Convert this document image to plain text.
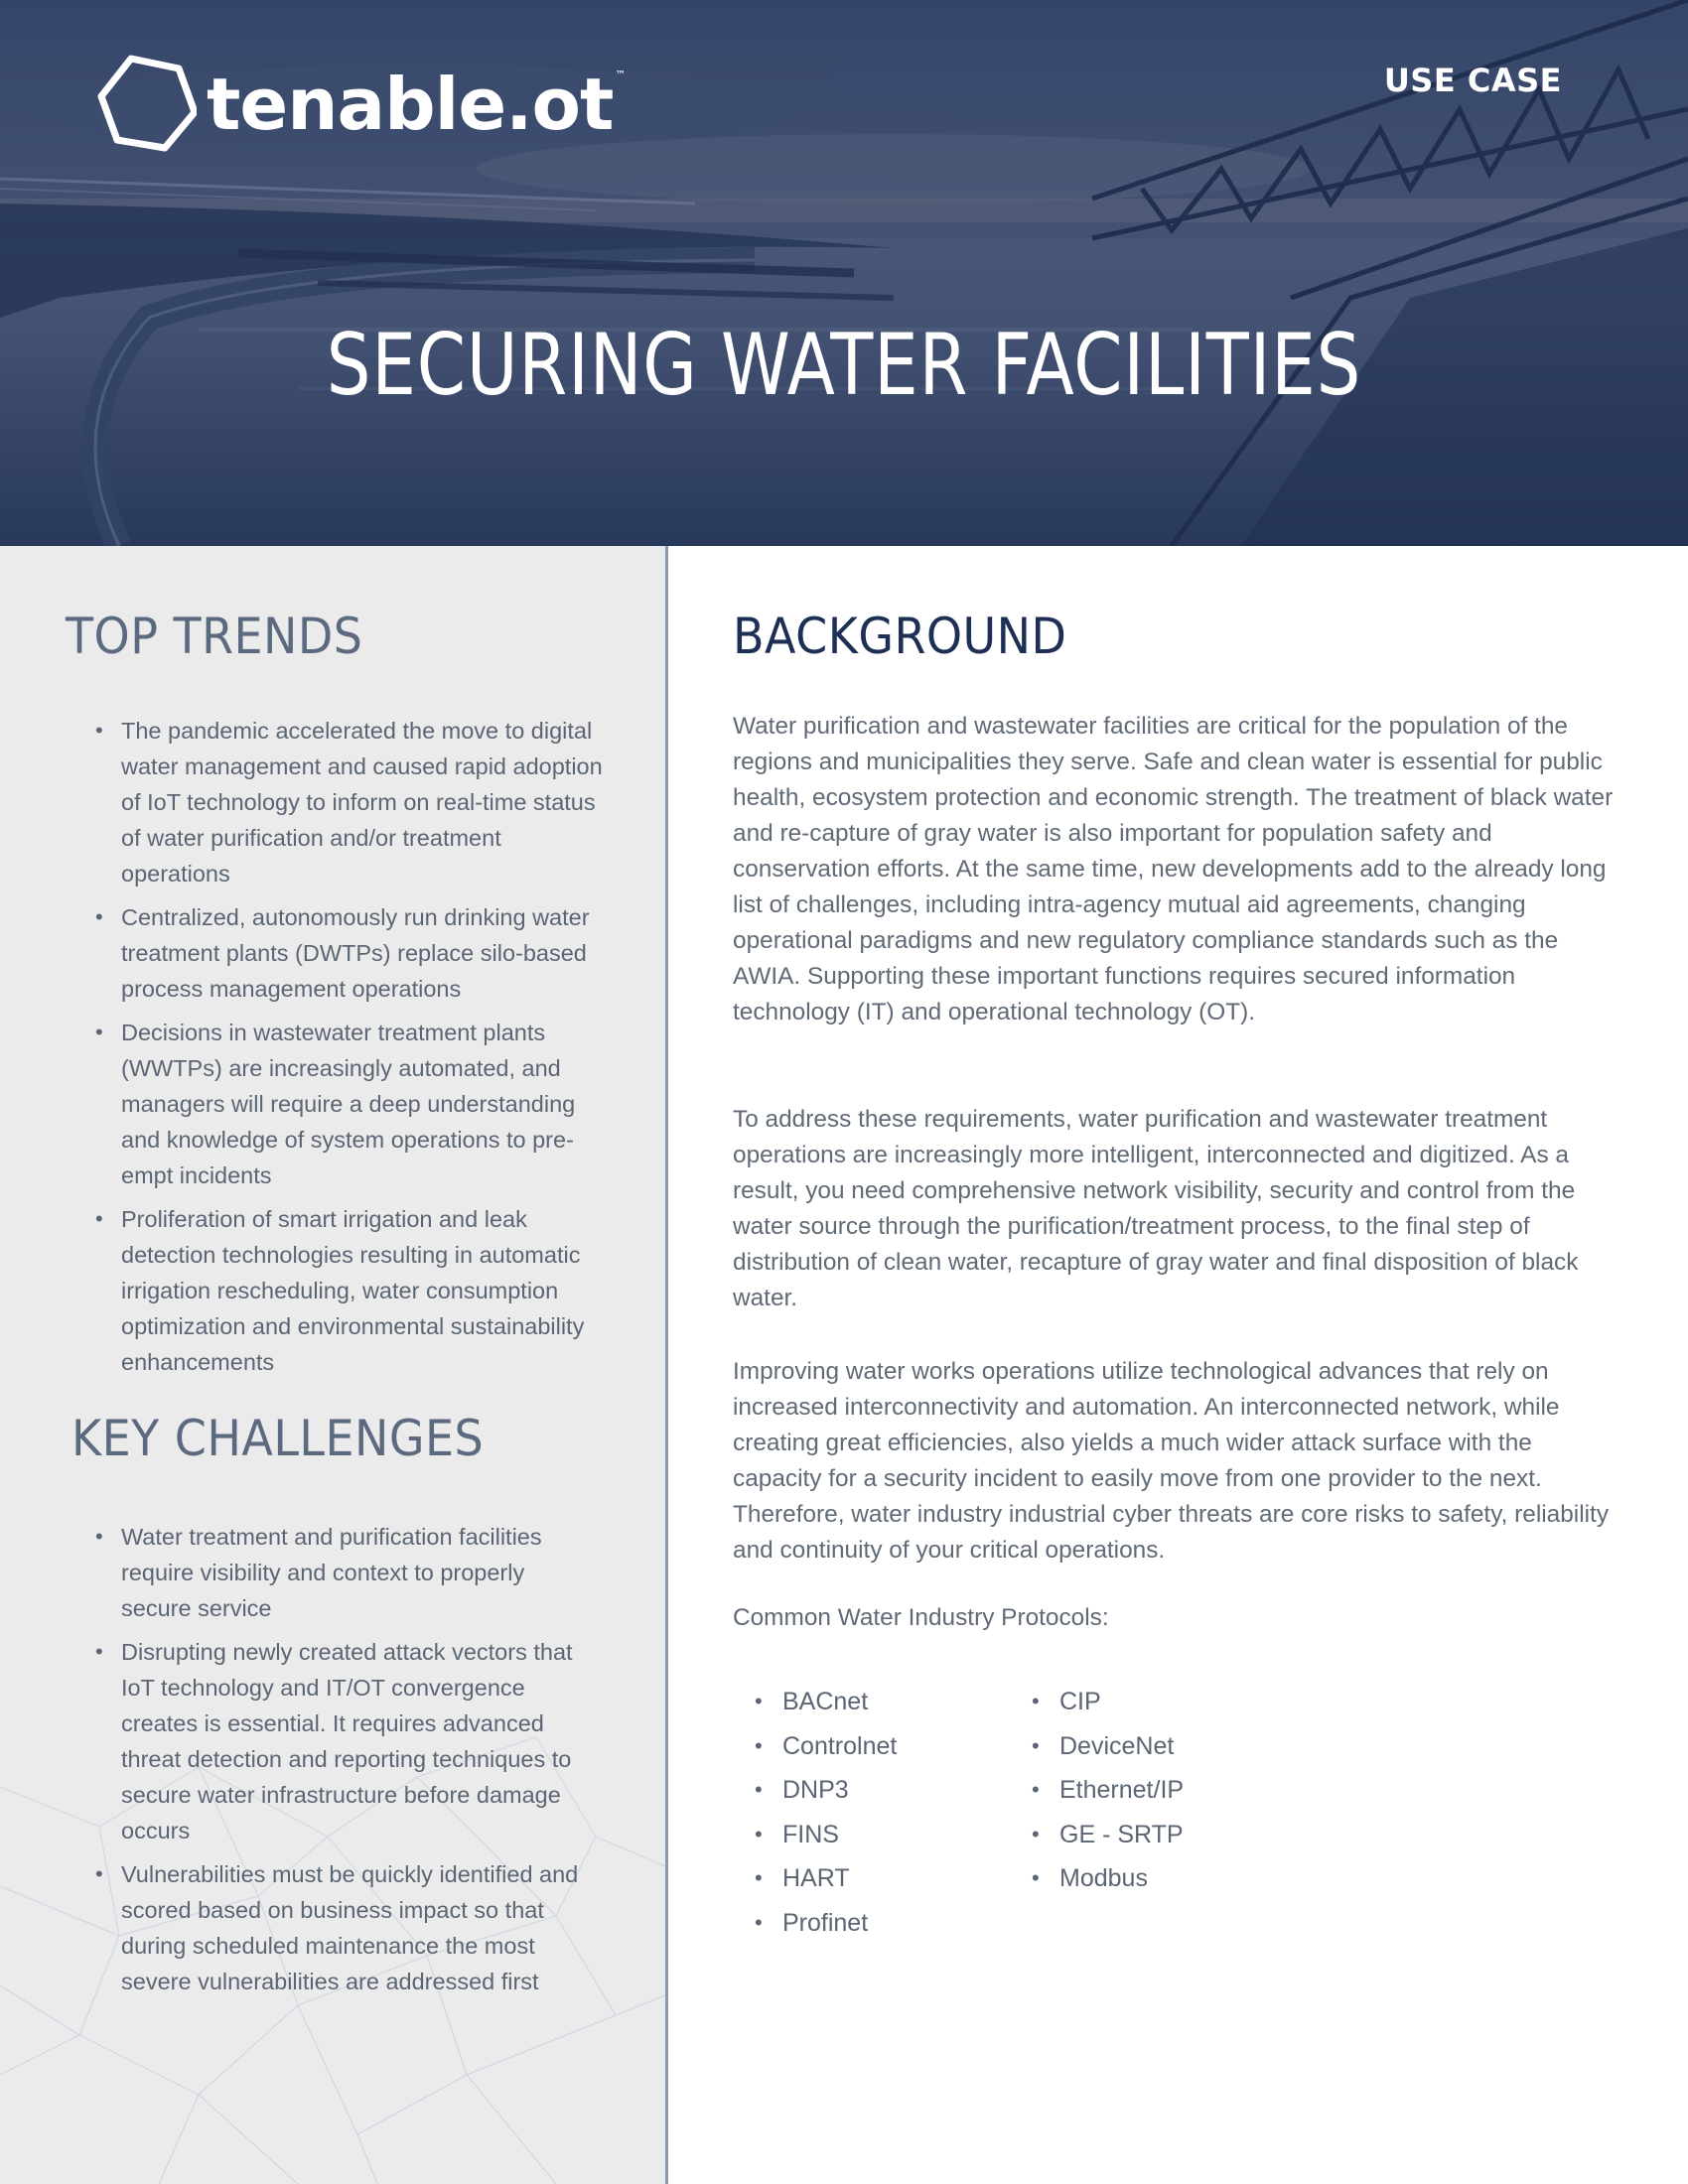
tenable.ot ™	USE CASE
SECURING WATER FACILITIES
TOP TRENDS
• The pandemic accelerated the move to digital water management and caused rapid adoption of IoT technology to inform on real-time status of water purification and/or treatment operations
• Centralized, autonomously run drinking water treatment plants (DWTPs) replace silo-based process management operations
• Decisions in wastewater treatment plants (WWTPs) are increasingly automated, and managers will require a deep understanding and knowledge of system operations to pre-empt incidents
• Proliferation of smart irrigation and leak detection technologies resulting in automatic irrigation rescheduling, water consumption optimization and environmental sustainability enhancements
KEY CHALLENGES
• Water treatment and purification facilities require visibility and context to properly secure service
• Disrupting newly created attack vectors that IoT technology and IT/OT convergence creates is essential. It requires advanced threat detection and reporting techniques to secure water infrastructure before damage occurs
• Vulnerabilities must be quickly identified and scored based on business impact so that during scheduled maintenance the most severe vulnerabilities are addressed first
BACKGROUND

Water purification and wastewater facilities are critical for the population of the regions and municipalities they serve. Safe and clean water is essential for public health, ecosystem protection and economic strength. The treatment of black water and re-capture of gray water is also important for population safety and conservation efforts. At the same time, new developments add to the already long list of challenges, including intra-agency mutual aid agreements, changing operational paradigms and new regulatory compliance standards such as the AWIA. Supporting these important functions requires secured information technology (IT) and operational technology (OT).

To address these requirements, water purification and wastewater treatment operations are increasingly more intelligent, interconnected and digitized. As a result, you need comprehensive network visibility, security and control from the water source through the purification/treatment process, to the final step of distribution of clean water, recapture of gray water and final disposition of black water.

Improving water works operations utilize technological advances that rely on increased interconnectivity and automation. An interconnected network, while creating great efficiencies, also yields a much wider attack surface with the capacity for a security incident to easily move from one provider to the next. Therefore, water industry industrial cyber threats are core risks to safety, reliability and continuity of your critical operations.

Common Water Industry Protocols:
• BACnet
• Controlnet
• DNP3
• FINS
• HART
• Profinet
• CIP
• DeviceNet
• Ethernet/IP
• GE - SRTP
• Modbus
